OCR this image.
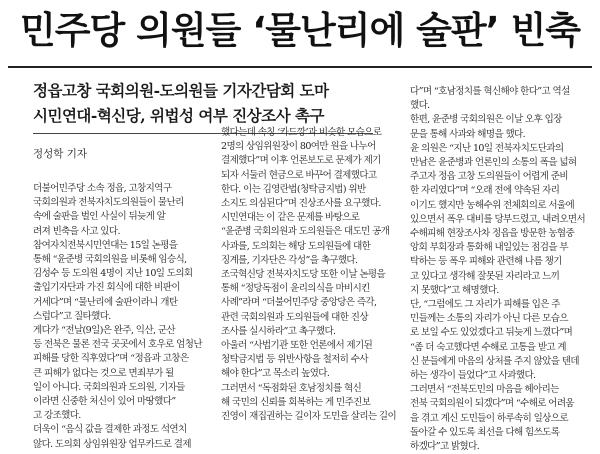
민주당 의원들 ‘물난리에 술판’ 빈축
정읍고창 국회의원-도의원들 기자간담회 도마
시민연대-혁신당, 위법성 여부 진상조사 촉구
정성학 기자

더불어민주당 소속 정읍, 고창지역구

국회의원과 전북자치도의원들이 물난리

속에 술판을 벌인 사실이 뒤늦게 알

려져 빈축을 사고 있다.

참여자치전북시민연대는 15일 논평을

통해 “윤준병 국회의원을 비롯해 임승식,

김성수 등 도의원 4명이 지난 10일 도의회

출입기자단과 가진 회식에 대한 비판이

거세다”며 “물난리에 술판이라니 개탄

스럽다”고 질타했다.

게다가 “전날(9일)은 완주, 익산, 군산

등 전북은 물론 전국 곳곳에서 호우로 엄청난

피해를 당한 직후였다”며 “정읍과 고창은

큰 피해가 없다는 것으로 면죄부가 될

일이 아니다. 국회의원과 도의원, 기자들

이라면 신중한 처신이 있어 마땅했다”

고 강조했다.

더욱이 “음식 값을 결제한 과정도 석연치

않다. 도의회 상임위원장 업무카드로 결제

했다는데 속칭 ‘카드깡’과 비슷한 모습으로

2명의 상임위원장이 80여만 원을 나누어

결제했다”며 이후 언론보도로 문제가 제기

되자 서둘러 현금으로 바꾸어 결제했다고

한다. 이는 김영란법(청탁금지법) 위반

소지도 의심된다”며 진상조사를 요구했다.

시민연대는 이 같은 문제를 바탕으로

“윤준병 국회의원과 도의원들은 대도민 공개

사과를, 도의회는 해당 도의원들에 대한

징계를, 기자단은 각성”을 촉구했다.

조국혁신당 전북자치도당 또한 이날 논평을

통해 “정당독점이 윤리의식을 마비시킨

사례”라며 “더불어민주당 중앙당은 즉각,

관련 국회의원과 도의원들에 대한 진상

조사를 실시하라”고 촉구했다.

아울러 “사법기관 또한 언론에서 제기된

청탁금지법 등 위반사항을 철저히 수사

해야 한다”고 목소리 높였다.

그러면서 “독점화된 호남정치를 혁신

해 국민의 신뢰를 회복하는 게 민주진보

진영이 재집권하는 길이자 도민을 살리는 길이

다”며 “호남정치를 혁신해야 한다”고 역설

했다.

한편, 윤준병 국회의원은 이날 오후 입장

문을 통해 사과와 해명을 했다.

윤 의원은 “지난 10일 전북자치도단과의

만남은 윤준병과 언론인의 소통의 폭을 넓혀

주고자 정읍 고창 도의원들이 어렵게 준비

한 자리였다”며 “오래 전에 약속된 자리

이기도 했지만 농해수위 전체회의로 서울에

있으면서 폭우 대비를 당부드렸고, 내려오면서

수해피해 현장조사차 정읍을 방문한 농협중

앙회 부회장과 통화해 내일있는 점검을 부

탁하는 등 폭우 피해와 관련해 나름 챙기

고 있다고 생각해 잘못된 자리라고 느끼

지 못했다”고 해명했다.

단, “그럼에도 그 자리가 피해를 입은 주

민들께는 소통의 자리가 아닌 다른 모습으

로 보일 수도 있었겠다고 뒤늦게 느꼈다”며

“좀 더 숙고했다면 수해로 고통을 받고 계

신 분들에게 마음의 상처를 주지 않았을 텐데

하는 생각이 들었다”고 사과했다.

그러면서 “전북도민의 마음을 헤아리는

전북 국회의원이 되겠다”며 “수해로 어려움

을 겪고 계신 도민들이 하루속히 일상으로

돌아갈 수 있도록 최선을 다해 힘쓰도록

하겠다”고 밝혔다.
